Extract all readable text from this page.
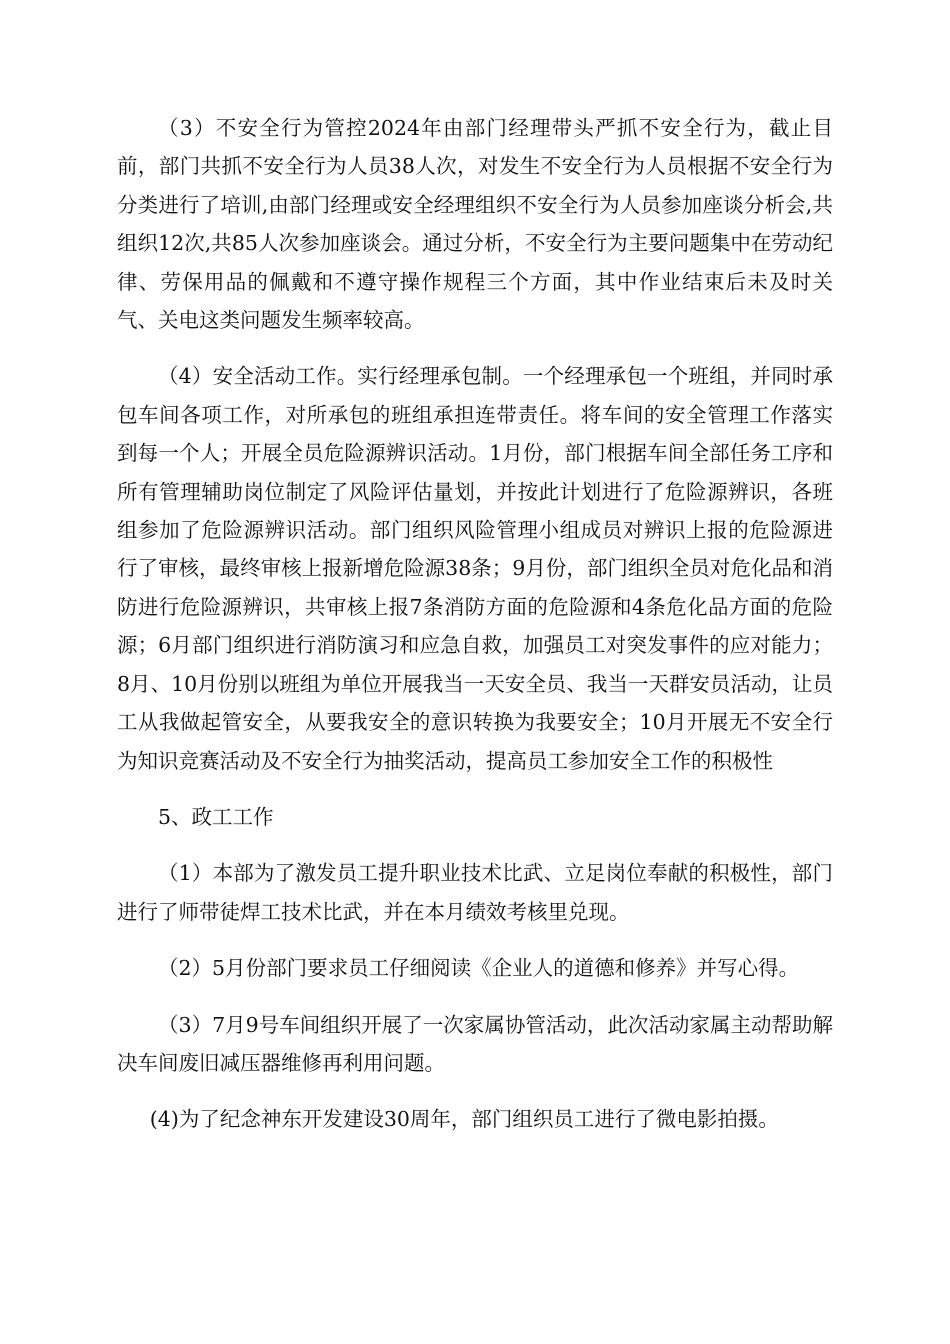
（3）不安全行为管控2024年由部门经理带头严抓不安全行为，截止目前，部门共抓不安全行为人员38人次，对发生不安全行为人员根据不安全行为分类进行了培训,由部门经理或安全经理组织不安全行为人员参加座谈分析会,共组织12次,共85人次参加座谈会。通过分析，不安全行为主要问题集中在劳动纪律、劳保用品的佩戴和不遵守操作规程三个方面，其中作业结束后未及时关气、关电这类问题发生频率较高。

（4）安全活动工作。实行经理承包制。一个经理承包一个班组，并同时承包车间各项工作，对所承包的班组承担连带责任。将车间的安全管理工作落实到每一个人；开展全员危险源辨识活动。1月份，部门根据车间全部任务工序和所有管理辅助岗位制定了风险评估量划，并按此计划进行了危险源辨识，各班组参加了危险源辨识活动。部门组织风险管理小组成员对辨识上报的危险源进行了审核，最终审核上报新增危险源38条；9月份，部门组织全员对危化品和消防进行危险源辨识，共审核上报7条消防方面的危险源和4条危化品方面的危险源；6月部门组织进行消防演习和应急自救，加强员工对突发事件的应对能力；8月、10月份别以班组为单位开展我当一天安全员、我当一天群安员活动，让员工从我做起管安全，从要我安全的意识转换为我要安全；10月开展无不安全行为知识竞赛活动及不安全行为抽奖活动，提高员工参加安全工作的积极性

5、政工工作

（1）本部为了激发员工提升职业技术比武、立足岗位奉献的积极性，部门进行了师带徒焊工技术比武，并在本月绩效考核里兑现。

（2）5月份部门要求员工仔细阅读《企业人的道德和修养》并写心得。

（3）7月9号车间组织开展了一次家属协管活动，此次活动家属主动帮助解决车间废旧减压器维修再利用问题。

(4)为了纪念神东开发建设30周年，部门组织员工进行了微电影拍摄。
